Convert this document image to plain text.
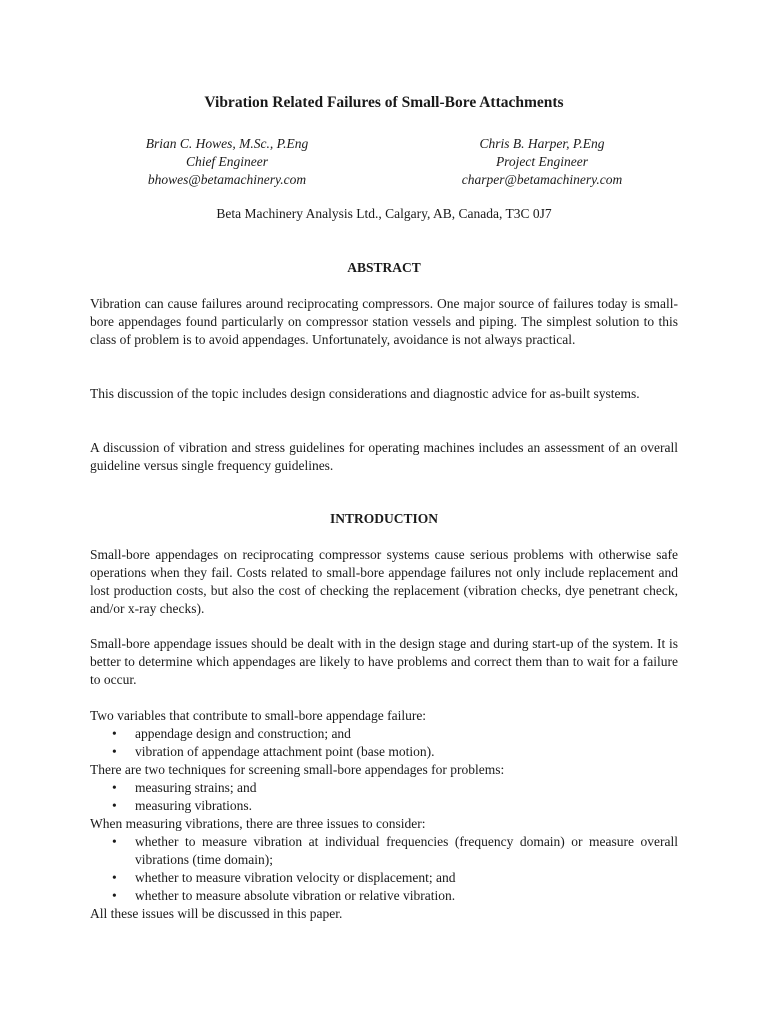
Vibration Related Failures of Small-Bore Attachments
Brian C. Howes, M.Sc., P.Eng
Chief Engineer
bhowes@betamachinery.com
Chris B. Harper, P.Eng
Project Engineer
charper@betamachinery.com
Beta Machinery Analysis Ltd., Calgary, AB, Canada, T3C 0J7
ABSTRACT

Vibration can cause failures around reciprocating compressors. One major source of failures today is small-bore appendages found particularly on compressor station vessels and piping. The simplest solution to this class of problem is to avoid appendages. Unfortunately, avoidance is not always practical.

This discussion of the topic includes design considerations and diagnostic advice for as-built systems.

A discussion of vibration and stress guidelines for operating machines includes an assessment of an overall guideline versus single frequency guidelines.

INTRODUCTION

Small-bore appendages on reciprocating compressor systems cause serious problems with otherwise safe operations when they fail. Costs related to small-bore appendage failures not only include replacement and lost production costs, but also the cost of checking the replacement (vibration checks, dye penetrant check, and/or x-ray checks).

Small-bore appendage issues should be dealt with in the design stage and during start-up of the system. It is better to determine which appendages are likely to have problems and correct them than to wait for a failure to occur.

Two variables that contribute to small-bore appendage failure:
• appendage design and construction; and
• vibration of appendage attachment point (base motion).
There are two techniques for screening small-bore appendages for problems:
• measuring strains; and
• measuring vibrations.
When measuring vibrations, there are three issues to consider:
• whether to measure vibration at individual frequencies (frequency domain) or measure overall vibrations (time domain);
• whether to measure vibration velocity or displacement; and
• whether to measure absolute vibration or relative vibration.
All these issues will be discussed in this paper.
